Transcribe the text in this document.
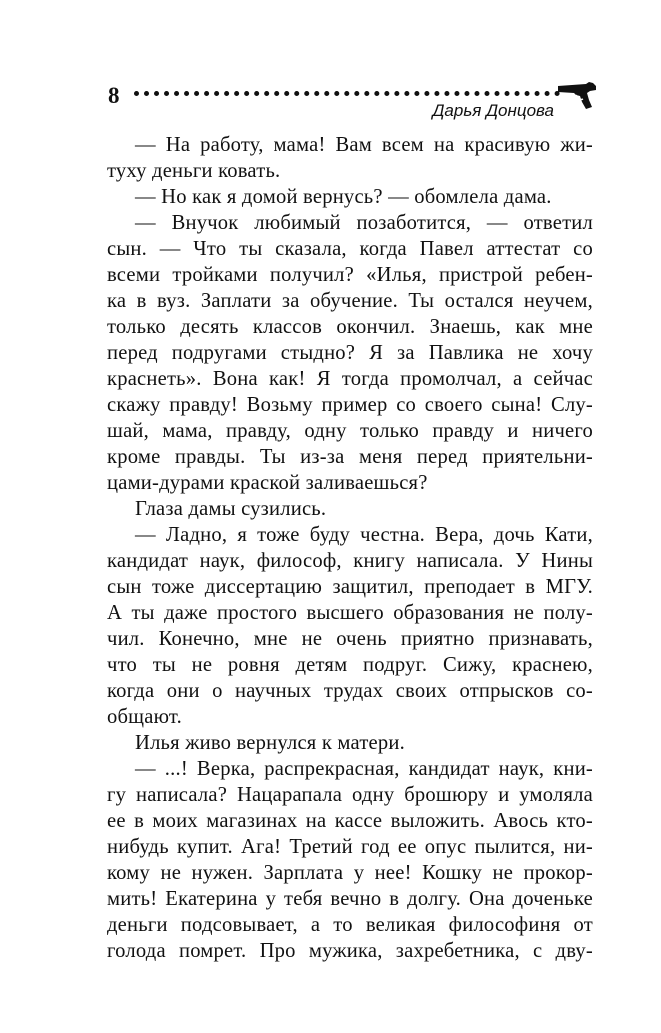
8
Дарья Донцова
— На работу, мама! Вам всем на красивую жи-
туху деньги ковать.
— Но как я домой вернусь? — обомлела дама.
— Внучок любимый позаботится, — ответил
сын. — Что ты сказала, когда Павел аттестат со
всеми тройками получил? «Илья, пристрой ребен-
ка в вуз. Заплати за обучение. Ты остался неучем,
только десять классов окончил. Знаешь, как мне
перед подругами стыдно? Я за Павлика не хочу
краснеть». Вона как! Я тогда промолчал, а сейчас
скажу правду! Возьму пример со своего сына! Слу-
шай, мама, правду, одну только правду и ничего
кроме правды. Ты из-за меня перед приятельни-
цами-дурами краской заливаешься?
Глаза дамы сузились.
— Ладно, я тоже буду честна. Вера, дочь Кати,
кандидат наук, философ, книгу написала. У Нины
сын тоже диссертацию защитил, преподает в МГУ.
А ты даже простого высшего образования не полу-
чил. Конечно, мне не очень приятно признавать,
что ты не ровня детям подруг. Сижу, краснею,
когда они о научных трудах своих отпрысков со-
общают.
Илья живо вернулся к матери.
— ...! Верка, распрекрасная, кандидат наук, кни-
гу написала? Нацарапала одну брошюру и умоляла
ее в моих магазинах на кассе выложить. Авось кто-
нибудь купит. Ага! Третий год ее опус пылится, ни-
кому не нужен. Зарплата у нее! Кошку не прокор-
мить! Екатерина у тебя вечно в долгу. Она доченьке
деньги подсовывает, а то великая философиня от
голода помрет. Про мужика, захребетника, с дву-
